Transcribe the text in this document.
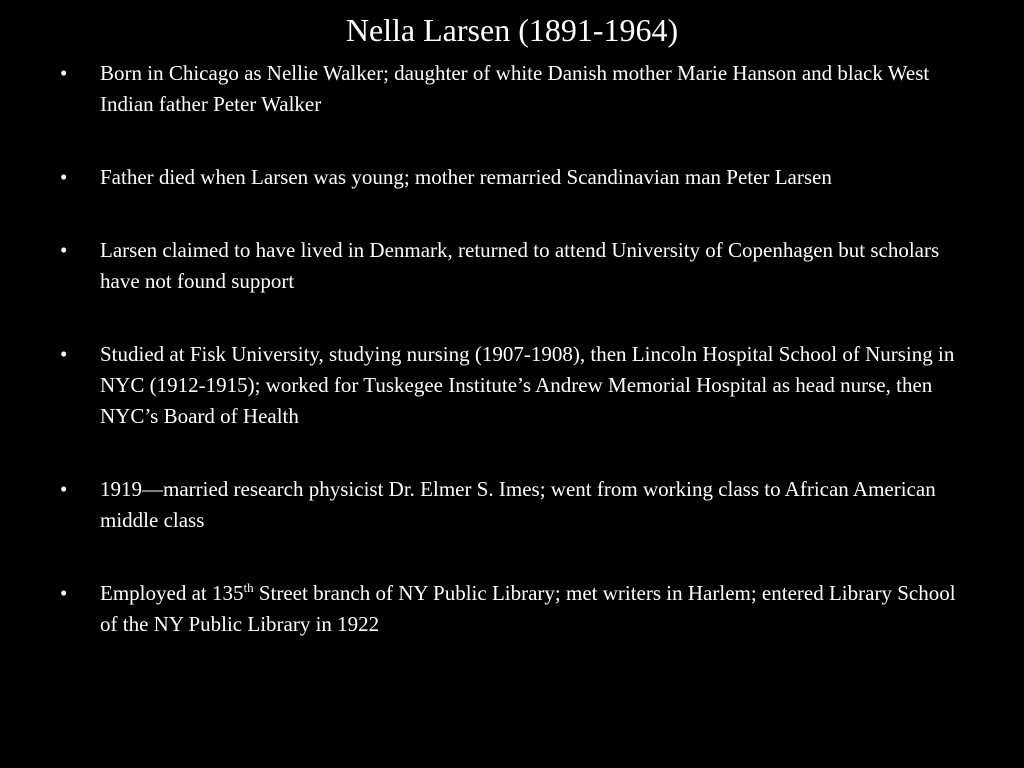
Nella Larsen (1891-1964)
•	Born in Chicago as Nellie Walker; daughter of white Danish mother Marie Hanson and black West Indian father Peter Walker
•	Father died when Larsen was young; mother remarried Scandinavian man Peter Larsen
•	Larsen claimed to have lived in Denmark, returned to attend University of Copenhagen but scholars have not found support
•	Studied at Fisk University, studying nursing (1907-1908), then Lincoln Hospital School of Nursing in NYC (1912-1915); worked for Tuskegee Institute’s Andrew Memorial Hospital as head nurse, then NYC’s Board of Health
•	1919—married research physicist Dr. Elmer S. Imes; went from working class to African American middle class
•	Employed at 135th Street branch of NY Public Library; met writers in Harlem; entered Library School of the NY Public Library in 1922
